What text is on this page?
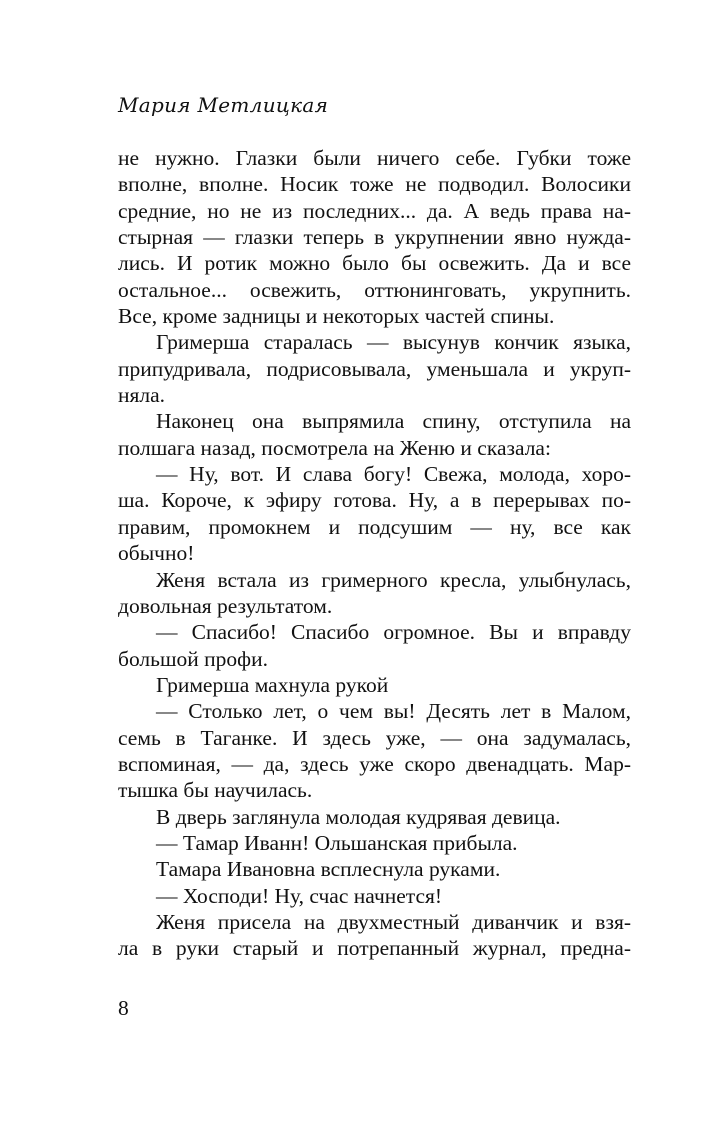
Мария Метлицкая
не нужно. Глазки были ничего себе. Губки тоже
вполне, вполне. Носик тоже не подводил. Волосики
средние, но не из последних... да. А ведь права на-
стырная — глазки теперь в укрупнении явно нужда-
лись. И ротик можно было бы освежить. Да и все
остальное... освежить, оттюнинговать, укрупнить.
Все, кроме задницы и некоторых частей спины.
Гримерша старалась — высунув кончик языка,
припудривала, подрисовывала, уменьшала и укруп-
няла.
Наконец она выпрямила спину, отступила на
полшага назад, посмотрела на Женю и сказала:
— Ну, вот. И слава богу! Свежа, молода, хоро-
ша. Короче, к эфиру готова. Ну, а в перерывах по-
правим, промокнем и подсушим — ну, все как
обычно!
Женя встала из гримерного кресла, улыбнулась,
довольная результатом.
— Спасибо! Спасибо огромное. Вы и вправду
большой профи.
Гримерша махнула рукой
— Столько лет, о чем вы! Десять лет в Малом,
семь в Таганке. И здесь уже, — она задумалась,
вспоминая, — да, здесь уже скоро двенадцать. Мар-
тышка бы научилась.
В дверь заглянула молодая кудрявая девица.
— Тамар Иванн! Ольшанская прибыла.
Тамара Ивановна всплеснула руками.
— Хосподи! Ну, счас начнется!
Женя присела на двухместный диванчик и взя-
ла в руки старый и потрепанный журнал, предна-
8
